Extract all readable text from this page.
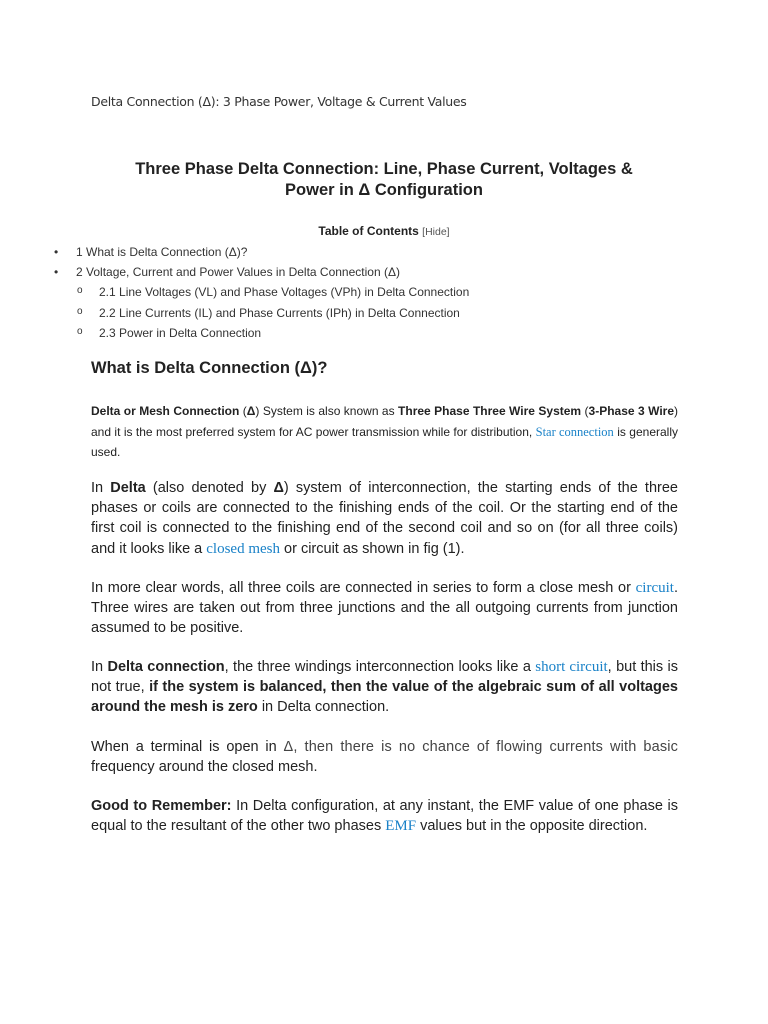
Delta Connection (Δ): 3 Phase Power, Voltage & Current Values
Three Phase Delta Connection: Line, Phase Current, Voltages &
Power in Δ Configuration
Table of Contents [Hide]
• 1 What is Delta Connection (Δ)?
• 2 Voltage, Current and Power Values in Delta Connection (Δ)
o 2.1 Line Voltages (VL) and Phase Voltages (VPh) in Delta Connection
o 2.2 Line Currents (IL) and Phase Currents (IPh) in Delta Connection
o 2.3 Power in Delta Connection
What is Delta Connection (Δ)?
Delta or Mesh Connection (Δ) System is also known as Three Phase Three Wire System (3-Phase 3 Wire) and it is the most preferred system for AC power transmission while for distribution, Star connection is generally used.
In Delta (also denoted by Δ) system of interconnection, the starting ends of the three phases or coils are connected to the finishing ends of the coil. Or the starting end of the first coil is connected to the finishing end of the second coil and so on (for all three coils) and it looks like a closed mesh or circuit as shown in fig (1).
In more clear words, all three coils are connected in series to form a close mesh or circuit. Three wires are taken out from three junctions and the all outgoing currents from junction assumed to be positive.
In Delta connection, the three windings interconnection looks like a short circuit, but this is not true, if the system is balanced, then the value of the algebraic sum of all voltages around the mesh is zero in Delta connection.
When a terminal is open in Δ, then there is no chance of flowing currents with basic frequency around the closed mesh.
Good to Remember: In Delta configuration, at any instant, the EMF value of one phase is equal to the resultant of the other two phases EMF values but in the opposite direction.
